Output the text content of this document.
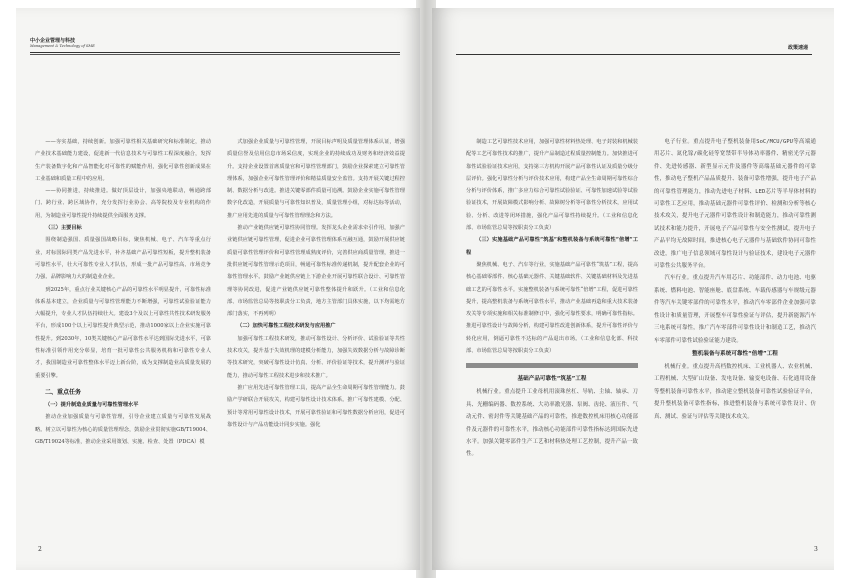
中小企业管理与科技
Management & Technology of SME

——夯实基础，持续创新。加强可靠性相关基础研究和标准制定，推动产业技术基础能力建设，促进新一代信息技术与可靠性工程深度融合，发挥生产装备数字化和产品智能化对可靠性的赋能作用，强化可靠性创新成果在工业基础和质量工程中的应用。

——协同推进，持续推进。做好顶层设计，加强央地联动，畅通跨部门、跨行业、跨区域协作，充分发挥行业协会、高等院校及专业机构的作用，为制造业可靠性提升持续提供全面服务支撑。

（三）主要目标

围绕制造强国、质量强国战略目标，聚焦机械、电子、汽车等重点行业，对标国际同类产品先进水平，补齐基础产品可靠性短板，提升整机装备可靠性水平，壮大可靠性专业人才队伍，形成一批产品可靠性高、市场竞争力强、品牌影响力大的制造业企业。

到2025年，重点行业关键核心产品的可靠性水平明显提升，可靠性标准体系基本建立，企业质量与可靠性管理能力不断增强，可靠性试验验证能力大幅提升，专业人才队伍持续壮大。建设3个及以上可靠性共性技术研发服务平台，形成100个以上可靠性提升典型示范，推动1000家以上企业实施可靠性提升。到2030年，10类关键核心产品可靠性水平达到国际先进水平，可靠性标准引领作用充分彰显，培育一批可靠性公共服务机构和可靠性专业人才，我国制造业可靠性整体水平迈上新台阶，成为支撑制造业高质量发展的重要引擎。

二、重点任务

（一）提升制造业质量与可靠性管理水平

推动企业加强质量与可靠性管理，引导企业建立质量与可靠性发展战略。树立以可靠性为核心的质量管理理念，鼓励企业贯彻实施GB/T19004、GB/T19024等标准，推动企业采用策划、实施、检查、处置（PDCA）模

式加强企业质量与可靠性管理，开展目标声明及质量管理体系认证，增强质量信誉及信用信息市场采信度，实现企业的持续成功及财务和经济效益提升。支持企业设置首席质量官和可靠性管理部门，鼓励企业探索建立可靠性管理体系，加强企业可靠性管理评价和精益质量安全监管。支持开展关键过程控制、数据分析与改进。推进关键零部件质量可追溯。鼓励企业实施可靠性管理数字化改造，开展质量与可靠性知识普及，质量管理小组，对标达标等活动，推广应用先进的质量与可靠性管理理念和方法。

推动产业链供应链可靠性协同管理。发挥龙头企业需求牵引作用，加强产业链供应链可靠性管理，促进企业可靠性管理体系互融互通，鼓励开展供应链质量可靠性管理评价和可靠性管理成熟度评价，完善供应商质量管理，推进一批供应链可靠性管理示范项目，畅通可靠性标准传递机制，提升配套企业的可靠性管理水平。鼓励产业链供应链上下游企业开展可靠性联合设计、可靠性管理等协同改进，促进产业链供应链可靠性整体提升和跃升。（工业和信息化部、市场监管总局等按职责分工负责，地方主管部门具体实施，以下均需地方部门落实，不再列明）

（二）加快可靠性工程技术研发与应用推广

加强可靠性工程技术研发，推动可靠性设计、分析评价、试验验证等共性技术攻关，提升基于失效机理的建模分析能力，加强失效数据分析与故障诊断等技术研究，突破可靠性设计仿真、分析、评价验证等技术，提升测评与验证能力，推动可靠性工程技术进步和技术推广。

推广应用先进可靠性管理工具，提高产品全生命周期可靠性管理能力。鼓励产学研联合开展攻关，构建可靠性设计技术体系。推广可靠性建模、分配、预计等常用可靠性设计技术，开展可靠性验证和可靠性数据分析应用，促进可靠性设计与产品功能设计同步实施。强化

2
政策速递

制造工艺可靠性技术应用，加强可靠性材料热处理、电子封装和机械装配等工艺可靠性技术的推广，提升产品制造过程质量控制能力。加快推进可靠性试验验证技术应用，支持第三方机构开展产品可靠性认证及质量分级分层评价。强化可靠性分析与评价技术应用，构建产品全生命周期可靠性综合分析与评价体系，推广多应力综合可靠性试验验证、可靠性加速试验等试验验证技术，开展故障模式影响分析、故障树分析等可靠性分析技术，应用试验、分析、改进等闭环措施，强化产品可靠性持续提升。（工业和信息化部、市场监管总局等按职责分工负责）

（三）实施基础产品可靠性“筑基”和整机装备与系统可靠性“倍增”工程

聚焦机械、电子、汽车等行业，实施基础产品可靠性“筑基”工程，提高核心基础零部件、核心基础元器件、关键基础软件、关键基础材料及先进基础工艺的可靠性水平。实施整机装备与系统可靠性“倍增”工程，促进可靠性提升，提高整机装备与系统可靠性水平，推动产业基础再造和重大技术装备攻关等专项实施和相关标准制修订中，强化可靠性要求，明确可靠性指标。推进可靠性设计与故障分析，构建可靠性改进创新体系，提升可靠性评价与转化应用，倒逼可靠性不达标的产品退出市场。（工业和信息化部、科技部、市场监管总局等按职责分工负责）

基础产品可靠性“筑基”工程

机械行业。重点提升工业母机用滚珠丝杠、导轨、主轴、轴承、刀具、光栅编码器、数控系统、大功率激光器、泵阀、齿轮、液压件、气动元件、密封件等关键基础产品的可靠性，推进数控机床用核心功能部件及元器件的可靠性水平，推动核心功能部件可靠性指标达到国际先进水平。加强关键零部件生产工艺和材料热处理工艺控制，提升产品一致性。

电子行业。重点提升电子整机装备用SoC/MCU/GPU等高端通用芯片、氮化镓/碳化硅等宽禁带半导体功率器件、精密光学元器件、先进传感器、新型显示元件及器件等高端基础元器件的可靠性，推动电子整机产品品质提升、装备可靠性增强，提升电子产品的可靠性管理能力，推动先进电子材料、LED芯片等半导体材料的可靠性工艺应用，推动基础元器件可靠性评价、检测和分析等核心技术攻关，提升电子元器件可靠性设计和制造能力，推动可靠性测试技术和能力提升，开展电子产品可靠性与安全性测试，提升电子产品平均无故障时间，推进核心电子元器件与基础软件协同可靠性改进，推广电子信息领域可靠性设计与验证技术，建设电子元器件可靠性公共服务平台。

汽车行业。重点提升汽车用芯片、功能部件、动力电池、电驱系统、燃料电池、智能座舱、底盘系统、车载传感器与车规级元器件等汽车关键零部件的可靠性水平，推动汽车零部件企业加强可靠性设计和质量管理，开展整车可靠性验证与评估，提升新能源汽车三电系统可靠性，推广汽车零部件可靠性设计和制造工艺，推动汽车零部件可靠性试验验证能力建设。

整机装备与系统可靠性“倍增”工程

机械行业。重点提升高档数控机床、工业机器人、农业机械、工程机械、大型矿山设备、发电设备、输变电设备、石化通用设备等整机装备可靠性水平，推动建立整机装备可靠性试验验证平台，提升整机装备可靠性指标，推进整机装备与系统可靠性设计、仿真、测试、验证与评估等关键技术攻关。

3
